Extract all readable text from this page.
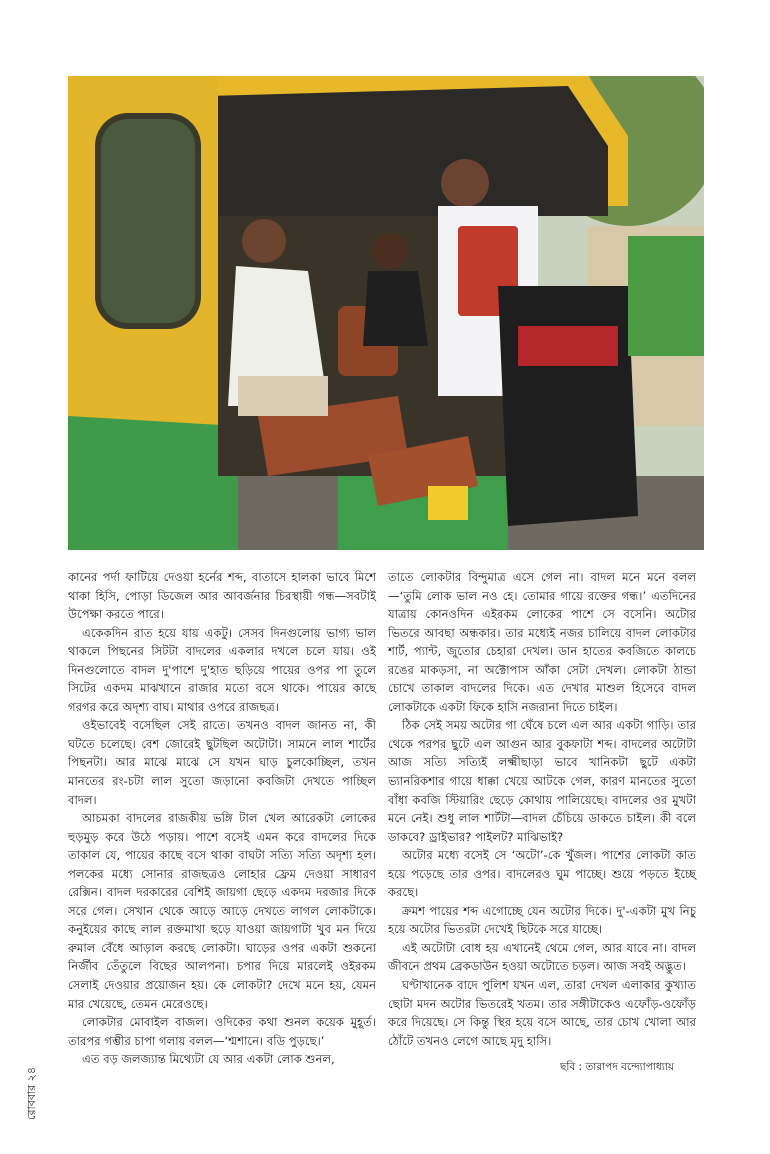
কানের পর্দা ফাটিয়ে দেওয়া হর্নের শব্দ, বাতাসে হালকা ভাবে মিশে থাকা হিসি, পোড়া ডিজেল আর আবর্জনার চিরস্থায়ী গন্ধ—সবটাই উপেক্ষা করতে পারে।

একেকদিন রাত হয়ে যায় একটু। সেসব দিনগুলোয় ভাগ্য ভাল থাকলে পিছনের সিটটা বাদলের একলার দখলে চলে যায়। ওই দিনগুলোতে বাদল দু'পাশে দু'হাত ছড়িয়ে পায়ের ওপর পা তুলে সিটের একদম মাঝখানে রাজার মতো বসে থাকে। পায়ের কাছে গরগর করে অদৃশ্য বাঘ। মাথার ওপরে রাজছত্র।

ওইভাবেই বসেছিল সেই রাতে। তখনও বাদল জানত না, কী ঘটতে চলেছে। বেশ জোরেই ছুটছিল অটোটা। সামনে লাল শার্টের পিছনটা। আর মাঝে মাঝে সে যখন ঘাড় চুলকোচ্ছিল, তখন মানতের রং-চটা লাল সুতো জড়ানো কবজিটা দেখতে পাচ্ছিল বাদল।

আচমকা বাদলের রাজকীয় ভঙ্গি টাল খেল আরেকটা লোকের হুড়মুড় করে উঠে পড়ায়। পাশে বসেই এমন করে বাদলের দিকে তাকাল যে, পায়ের কাছে বসে থাকা বাঘটা সত্যি সত্যি অদৃশ্য হল। পলকের মধ্যে সোনার রাজছত্রও লোহার ফ্রেম দেওয়া সাধারণ রেক্সিন। বাদল দরকারের বেশিই জায়গা ছেড়ে একদম দরজার দিকে সরে গেল। সেখান থেকে আড়ে আড়ে দেখতে লাগল লোকটাকে। কনুইয়ের কাছে লাল রক্তমাখা ছড়ে যাওয়া জায়গাটা খুব মন দিয়ে রুমাল বেঁধে আড়াল করছে লোকটা। ঘাড়ের ওপর একটা শুকনো নির্জীব তেঁতুলে বিছের আলপনা। চপার দিয়ে মারলেই ওইরকম সেলাই দেওয়ার প্রয়োজন হয়। কে লোকটা? দেখে মনে হয়, যেমন মার খেয়েছে, তেমন মেরেওছে।

লোকটার মোবাইল বাজল। ওদিকের কথা শুনল কয়েক মুহূর্ত। তারপর গম্ভীর চাপা গলায় বলল—‘শ্মশানে। বডি পুড়ছে।’

এত বড় জলজ্যান্ত মিথ্যেটা যে আর একটা লোক শুনল,

তাতে লোকটার বিন্দুমাত্র এসে গেল না। বাদল মনে মনে বলল—‘তুমি লোক ভাল নও হে। তোমার গায়ে রক্তের গন্ধ।’ এতদিনের যাত্রায় কোনওদিন এইরকম লোকের পাশে সে বসেনি। অটোর ভিতরে আবছা অন্ধকার। তার মধ্যেই নজর চালিয়ে বাদল লোকটার শার্ট, প্যান্ট, জুতোর চেহারা দেখল। ডান হাতের কবজিতে কালচে রঙের মাকড়সা, না অক্টোপাস আঁকা সেটা দেখল। লোকটা ঠান্ডা চোখে তাকাল বাদলের দিকে। এত দেখার মাশুল হিসেবে বাদল লোকটাকে একটা ফিকে হাসি নজরানা দিতে চাইল।

ঠিক সেই সময় অটোর গা ঘেঁষে চলে এল আর একটা গাড়ি। তার থেকে পরপর ছুটে এল আগুন আর বুকফাটা শব্দ। বাদলের অটোটা আজ সত্যি সত্যিই লক্ষ্মীছাড়া ভাবে খানিকটা ছুটে একটা ভ্যানরিকশার গায়ে ধাক্কা খেয়ে আটকে গেল, কারণ মানতের সুতো বাঁধা কবজি স্টিয়ারিং ছেড়ে কোথায় পালিয়েছে। বাদলের ওর মুখটা মনে নেই। শুধু লাল শার্টটা—বাদল চেঁচিয়ে ডাকতে চাইল। কী বলে ডাকবে? ড্রাইভার? পাইলট? মাঝিভাই?

অটোর মধ্যে বসেই সে ‘অটো’-কে খুঁজল। পাশের লোকটা কাত হয়ে পড়েছে তার ওপর। বাদলেরও ঘুম পাচ্ছে। শুয়ে পড়তে ইচ্ছে করছে।

ক্রমশ পায়ের শব্দ এগোচ্ছে যেন অটোর দিকে। দু'-একটা মুখ নিচু হয়ে অটোর ভিতরটা দেখেই ছিটকে সরে যাচ্ছে।

এই অটোটা বোধ হয় এখানেই থেমে গেল, আর যাবে না। বাদল জীবনে প্রথম ব্রেকডাউন হওয়া অটোতে চড়ল। আজ সবই অদ্ভুত।

ঘণ্টাখানেক বাদে পুলিশ যখন এল, তারা দেখল এলাকার কুখ্যাত ছোটা মদন অটোর ভিতরেই খতম। তার সঙ্গীটাকেও এফোঁড়-ওফোঁড় করে দিয়েছে। সে কিন্তু স্থির হয়ে বসে আছে, তার চোখ খোলা আর ঠোঁটে তখনও লেগে আছে মৃদু হাসি।

ছবি : তারাপদ বন্দ্যোপাধ্যায়
রোববার ২৪
